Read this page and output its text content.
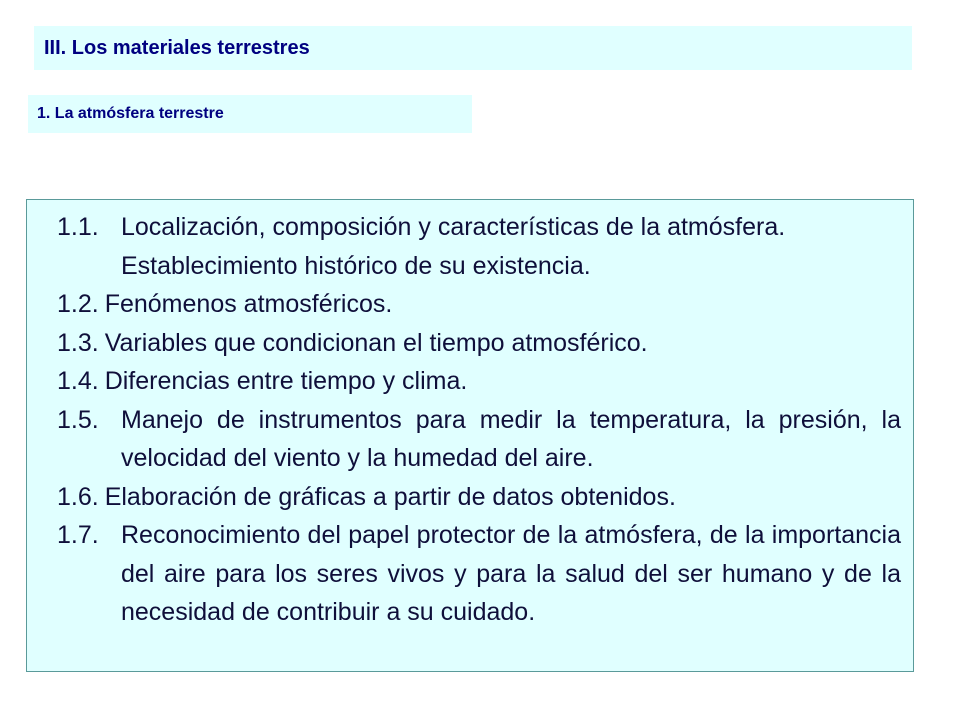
III. Los materiales terrestres
1. La atmósfera terrestre
1.1. Localización, composición y características de la atmósfera. Establecimiento histórico de su existencia.
1.2. Fenómenos atmosféricos.
1.3. Variables que condicionan el tiempo atmosférico.
1.4. Diferencias entre tiempo y clima.
1.5. Manejo de instrumentos para medir la temperatura, la presión, la velocidad del viento y la humedad del aire.
1.6. Elaboración de gráficas a partir de datos obtenidos.
1.7. Reconocimiento del papel protector de la atmósfera, de la importancia del aire para los seres vivos y para la salud del ser humano y de la necesidad de contribuir a su cuidado.
